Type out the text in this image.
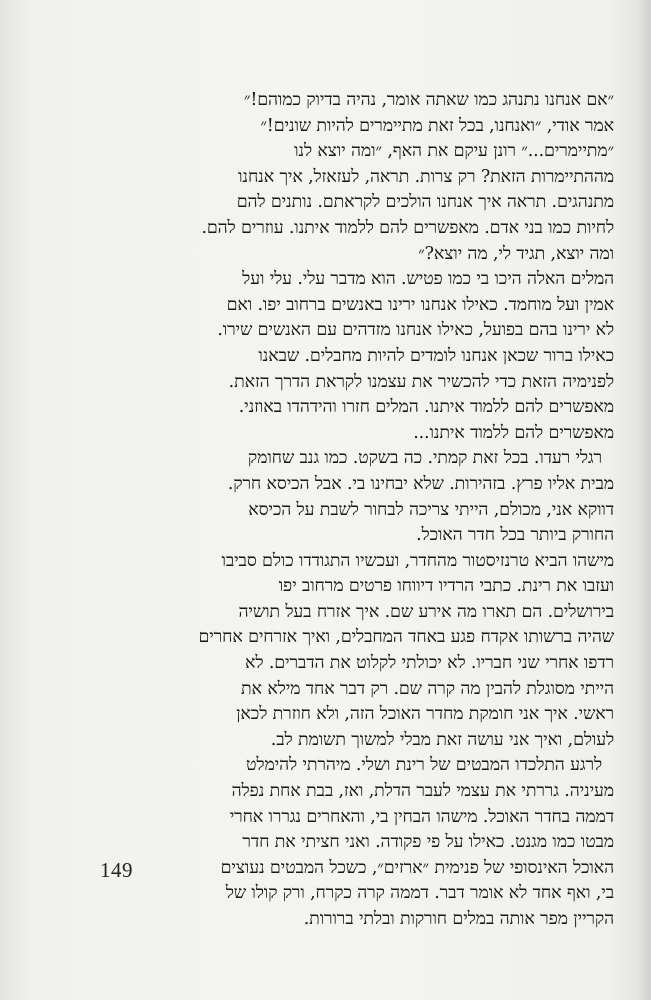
״אם אנחנו נתנהג כמו שאתה אומר, נהיה בדיוק כמוהם!״
אמר אודי, ״ואנחנו, בכל זאת מתיימרים להיות שונים!״
״מתיימרים...״ רונן עיקם את האף, ״ומה יוצא לנו
מההתיימרות הזאת? רק צרות. תראה, לעזאזל, איך אנחנו
מתנהגים. תראה איך אנחנו הולכים לקראתם. נותנים להם
לחיות כמו בני אדם. מאפשרים להם ללמוד איתנו. עוזרים להם.
ומה יוצא, תגיד לי, מה יוצא?״
המלים האלה היכו בי כמו פטיש. הוא מדבר עלי. עלי ועל
אמין ועל מוחמד. כאילו אנחנו ירינו באנשים ברחוב יפו. ואם
לא ירינו בהם בפועל, כאילו אנחנו מזדהים עם האנשים שירו.
כאילו ברור שכאן אנחנו לומדים להיות מחבלים. שבאנו
לפנימיה הזאת כדי להכשיר את עצמנו לקראת הדרך הזאת.
מאפשרים להם ללמוד איתנו. המלים חזרו והידהדו באוזני.
מאפשרים להם ללמוד איתנו...
רגלי רעדו. בכל זאת קמתי. כה בשקט. כמו גנב שחומק
מבית אליו פרץ. בזהירות. שלא יבחינו בי. אבל הכיסא חרק.
דווקא אני, מכולם, הייתי צריכה לבחור לשבת על הכיסא
החורק ביותר בכל חדר האוכל.
מישהו הביא טרנזיסטור מהחדר, ועכשיו התגודדו כולם סביבו
ועזבו את רינת. כתבי הרדיו דיווחו פרטים מרחוב יפו
בירושלים. הם תארו מה אירע שם. איך אזרח בעל תושיה
שהיה ברשותו אקדח פגע באחד המחבלים, ואיך אזרחים אחרים
רדפו אחרי שני חבריו. לא יכולתי לקלוט את הדברים. לא
הייתי מסוגלת להבין מה קרה שם. רק דבר אחד מילא את
ראשי. איך אני חומקת מחדר האוכל הזה, ולא חוזרת לכאן
לעולם, ואיך אני עושה זאת מבלי למשוך תשומת לב.
לרגע התלכדו המבטים של רינת ושלי. מיהרתי להימלט
מעיניה. גררתי את עצמי לעבר הדלת, ואז, בבת אחת נפלה
דממה בחדר האוכל. מישהו הבחין בי, והאחרים נגררו אחרי
מבטו כמו מגנט. כאילו על פי פקודה. ואני חציתי את חדר
האוכל האינסופי של פנימית ״ארזים״, כשכל המבטים נעוצים
בי, ואף אחד לא אומר דבר. דממה קרה כקרח, ורק קולו של
הקריין מפר אותה במלים חורקות ובלתי ברורות.
149
